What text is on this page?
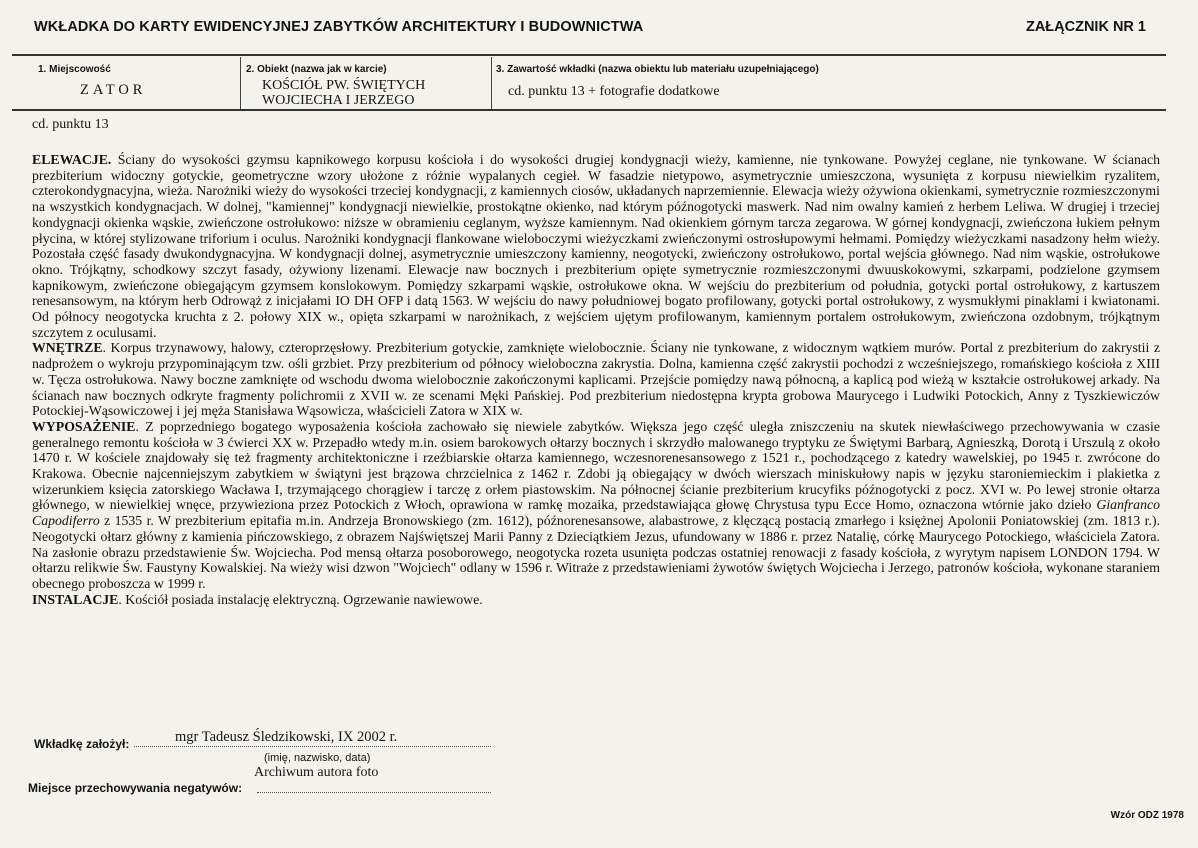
WKŁADKA DO KARTY EWIDENCYJNEJ ZABYTKÓW ARCHITEKTURY I BUDOWNICTWA	ZAŁĄCZNIK NR 1
1. Miejscowość
ZATOR
2. Obiekt (nazwa jak w karcie)
KOŚCIÓŁ PW. ŚWIĘTYCH
WOJCIECHA I JERZEGO
3. Zawartość wkładki (nazwa obiektu lub materiału uzupełniającego)
cd. punktu 13 + fotografie dodatkowe
cd. punktu 13

ELEWACJE. Ściany do wysokości gzymsu kapnikowego korpusu kościoła i do wysokości drugiej kondygnacji wieży, kamienne, nie tynkowane. Powyżej ceglane, nie tynkowane. W ścianach prezbiterium widoczny gotyckie, geometryczne wzory ułożone z różnie wypalanych cegieł. W fasadzie nietypowo, asymetrycznie umieszczona, wysunięta z korpusu niewielkim ryzalitem, czterokondygnacyjna, wieża. Narożniki wieży do wysokości trzeciej kondygnacji, z kamiennych ciosów, układanych naprzemiennie. Elewacja wieży ożywiona okienkami, symetrycznie rozmieszczonymi na wszystkich kondygnacjach. W dolnej, "kamiennej" kondygnacji niewielkie, prostokątne okienko, nad którym późnogotycki maswerk. Nad nim owalny kamień z herbem Leliwa. W drugiej i trzeciej kondygnacji okienka wąskie, zwieńczone ostrołukowo: niższe w obramieniu ceglanym, wyższe kamiennym. Nad okienkiem górnym tarcza zegarowa. W górnej kondygnacji, zwieńczona łukiem pełnym płycina, w której stylizowane triforium i oculus. Narożniki kondygnacji flankowane wieloboczymi wieżyczkami zwieńczonymi ostrosłupowymi hełmami. Pomiędzy wieżyczkami nasadzony hełm wieży. Pozostała część fasady dwukondygnacyjna. W kondygnacji dolnej, asymetrycznie umieszczony kamienny, neogotycki, zwieńczony ostrołukowo, portal wejścia głównego. Nad nim wąskie, ostrołukowe okno. Trójkątny, schodkowy szczyt fasady, ożywiony lizenami. Elewacje naw bocznych i prezbiterium opięte symetrycznie rozmieszczonymi dwuuskokowymi, szkarpami, podzielone gzymsem kapnikowym, zwieńczone obiegającym gzymsem konslokowym. Pomiędzy szkarpami wąskie, ostrołukowe okna. W wejściu do prezbiterium od południa, gotycki portal ostrołukowy, z kartuszem renesansowym, na którym herb Odrowąż z inicjałami IO DH OFP i datą 1563. W wejściu do nawy południowej bogato profilowany, gotycki portal ostrołukowy, z wysmukłymi pinaklami i kwiatonami. Od północy neogotycka kruchta z 2. połowy XIX w., opięta szkarpami w narożnikach, z wejściem ujętym profilowanym, kamiennym portalem ostrołukowym, zwieńczona ozdobnym, trójkątnym szczytem z oculusami.

WNĘTRZE. Korpus trzynawowy, halowy, czteroprzęsłowy. Prezbiterium gotyckie, zamknięte wielobocznie. Ściany nie tynkowane, z widocznym wątkiem murów. Portal z prezbiterium do zakrystii z nadprożem o wykroju przypominającym tzw. ośli grzbiet. Przy prezbiterium od północy wieloboczna zakrystia. Dolna, kamienna część zakrystii pochodzi z wcześniejszego, romańskiego kościoła z XIII w. Tęcza ostrołukowa. Nawy boczne zamknięte od wschodu dwoma wielobocznie zakończonymi kaplicami. Przejście pomiędzy nawą północną, a kaplicą pod wieżą w kształcie ostrołukowej arkady. Na ścianach naw bocznych odkryte fragmenty polichromii z XVII w. ze scenami Męki Pańskiej. Pod prezbiterium niedostępna krypta grobowa Maurycego i Ludwiki Potockich, Anny z Tyszkiewiczów Potockiej-Wąsowiczowej i jej męża Stanisława Wąsowicza, właścicieli Zatora w XIX w.

WYPOSAŻENIE. Z poprzedniego bogatego wyposażenia kościoła zachowało się niewiele zabytków. Większa jego część uległa zniszczeniu na skutek niewłaściwego przechowywania w czasie generalnego remontu kościoła w 3 ćwierci XX w. Przepadło wtedy m.in. osiem barokowych ołtarzy bocznych i skrzydło malowanego tryptyku ze Świętymi Barbarą, Agnieszką, Dorotą i Urszulą z około 1470 r. W kościele znajdowały się też fragmenty architektoniczne i rzeźbiarskie ołtarza kamiennego, wczesnorenesansowego z 1521 r., pochodzącego z katedry wawelskiej, po 1945 r. zwrócone do Krakowa. Obecnie najcenniejszym zabytkiem w świątyni jest brązowa chrzcielnica z 1462 r. Zdobi ją obiegający w dwóch wierszach miniskułowy napis w języku staroniemieckim i plakietka z wizerunkiem księcia zatorskiego Wacława I, trzymającego chorągiew i tarczę z orłem piastowskim. Na północnej ścianie prezbiterium krucyfiks późnogotycki z pocz. XVI w. Po lewej stronie ołtarza głównego, w niewielkiej wnęce, przywieziona przez Potockich z Włoch, oprawiona w ramkę mozaika, przedstawiająca głowę Chrystusa typu Ecce Homo, oznaczona wtórnie jako dzieło Gianfranco Capodiferro z 1535 r. W prezbiterium epitafia m.in. Andrzeja Bronowskiego (zm. 1612), późnorenesansowe, alabastrowe, z klęczącą postacią zmarłego i księżnej Apolonii Poniatowskiej (zm. 1813 r.). Neogotycki ołtarz główny z kamienia pińczowskiego, z obrazem Najświętszej Marii Panny z Dzieciątkiem Jezus, ufundowany w 1886 r. przez Natalię, córkę Maurycego Potockiego, właściciela Zatora. Na zasłonie obrazu przedstawienie Św. Wojciecha. Pod mensą ołtarza posoborowego, neogotycka rozeta usunięta podczas ostatniej renowacji z fasady kościoła, z wyrytym napisem LONDON 1794. W ołtarzu relikwie Św. Faustyny Kowalskiej. Na wieży wisi dzwon "Wojciech" odlany w 1596 r. Witraże z przedstawieniami żywotów świętych Wojciecha i Jerzego, patronów kościoła, wykonane staraniem obecnego proboszcza w 1999 r.

INSTALACJE. Kościół posiada instalację elektryczną. Ogrzewanie nawiewowe.

Wkładkę założył:	mgr Tadeusz Śledzikowski, IX 2002 r.
(imię, nazwisko, data)
Archiwum autora foto
Miejsce przechowywania negatywów:
Wzór ODZ 1978
